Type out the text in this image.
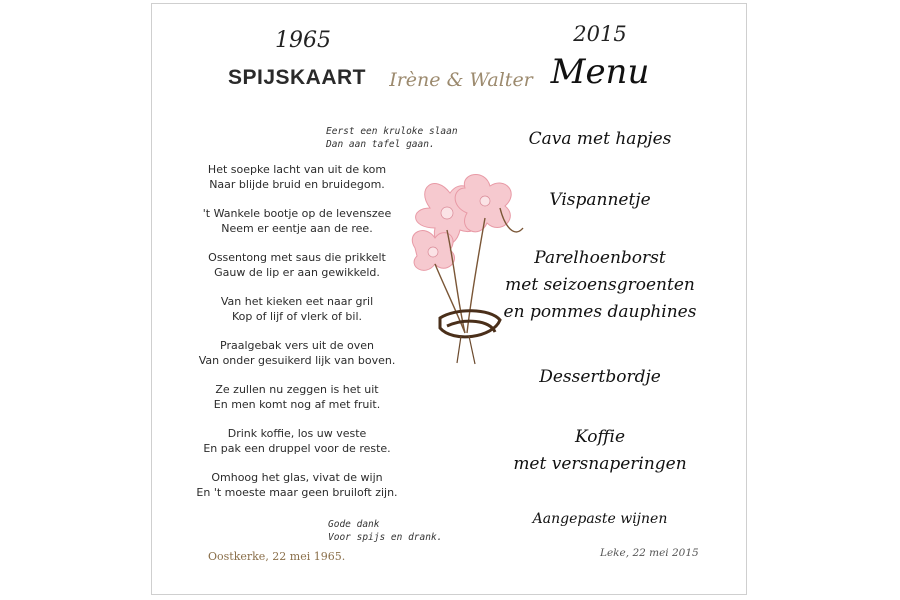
1965	2015
SPIJSKAART	Irène & Walter Menu
Eerst een kruloke slaan
Dan aan tafel gaan.
Het soepke lacht van uit de kom
Naar blijde bruid en bruidegom.
't Wankele bootje op de levenszee
Neem er eentje aan de ree.
Ossentong met saus die prikkelt
Gauw de lip er aan gewikkeld.
Van het kieken eet naar gril
Kop of lijf of vlerk of bil.
Praalgebak vers uit de oven
Van onder gesuikerd lijk van boven.
Ze zullen nu zeggen is het uit
En men komt nog af met fruit.
Drink koffie, los uw veste
En pak een druppel voor de reste.
Omhoog het glas, vivat de wijn
En 't moeste maar geen bruiloft zijn.
Gode dank
Voor spijs en drank.
Oostkerke, 22 mei 1965.
Cava met hapjes
Vispannetje
Parelhoenborst
met seizoensgroenten
en pommes dauphines
Dessertbordje
Koffie
met versnaperingen
Aangepaste wijnen
Leke, 22 mei 2015
